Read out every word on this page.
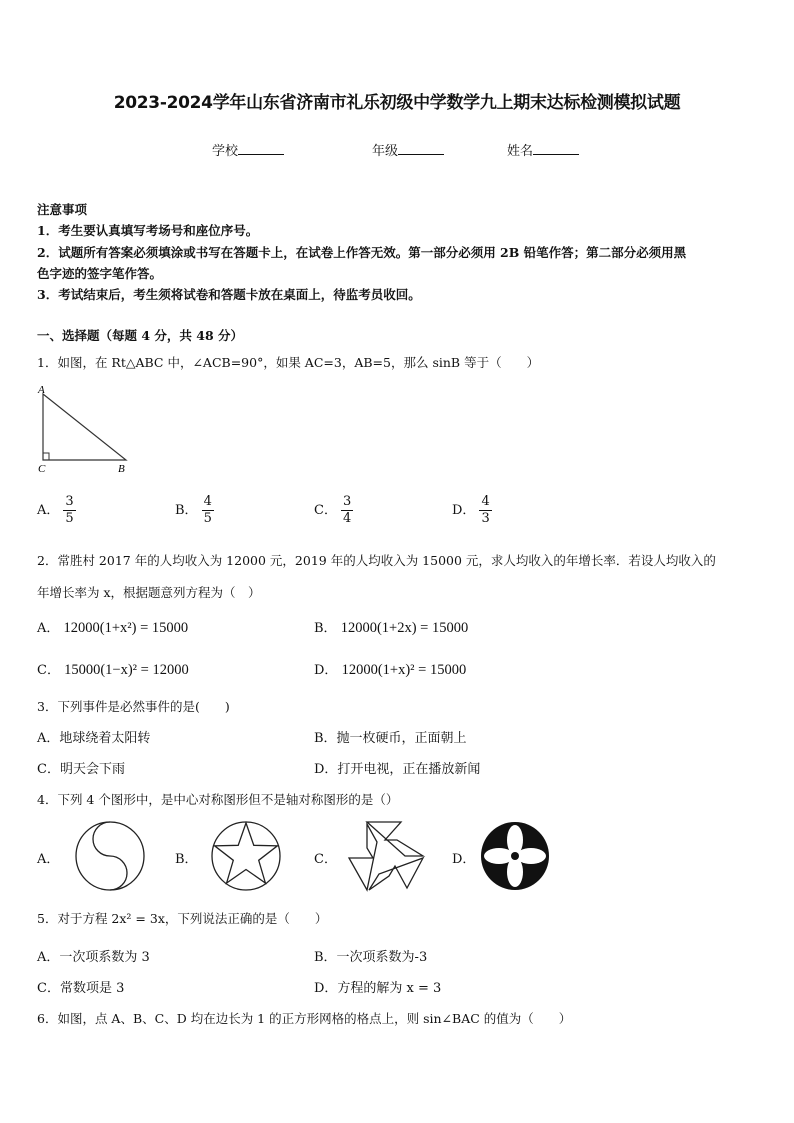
2023-2024学年山东省济南市礼乐初级中学数学九上期末达标检测模拟试题
学校	年级	姓名
注意事项
1．考生要认真填写考场号和座位序号。
2．试题所有答案必须填涂或书写在答题卡上，在试卷上作答无效。第一部分必须用 2B 铅笔作答；第二部分必须用黑
色字迹的签字笔作答。
3．考试结束后，考生须将试卷和答题卡放在桌面上，待监考员收回。
一、选择题（每题 4 分，共 48 分）
1．如图，在 Rt△ABC 中，∠ACB=90°，如果 AC=3，AB=5，那么 sinB 等于（　　）
A
C	B
A． $\frac{3}{5}$	B． $\frac{4}{5}$	C． $\frac{3}{4}$	D． $\frac{4}{3}$
2．常胜村 2017 年的人均收入为 12000 元，2019 年的人均收入为 15000 元，求人均收入的年增长率．若设人均收入的
年增长率为 x，根据题意列方程为（　）
A． 12000(1+x²) = 15000	B． 12000(1+2x) = 15000
C． 15000(1−x)² = 12000	D． 12000(1+x)² = 15000
3．下列事件是必然事件的是(　　)
A．地球绕着太阳转	B．抛一枚硬币，正面朝上
C．明天会下雨	D．打开电视，正在播放新闻
4．下列 4 个图形中，是中心对称图形但不是轴对称图形的是（）
A．	B．	C．	D．
5．对于方程 2x² = 3x，下列说法正确的是（　　）
A．一次项系数为 3	B．一次项系数为-3
C．常数项是 3	D．方程的解为 x = 3
6．如图，点 A、B、C、D 均在边长为 1 的正方形网格的格点上，则 sin∠BAC 的值为（　　）
